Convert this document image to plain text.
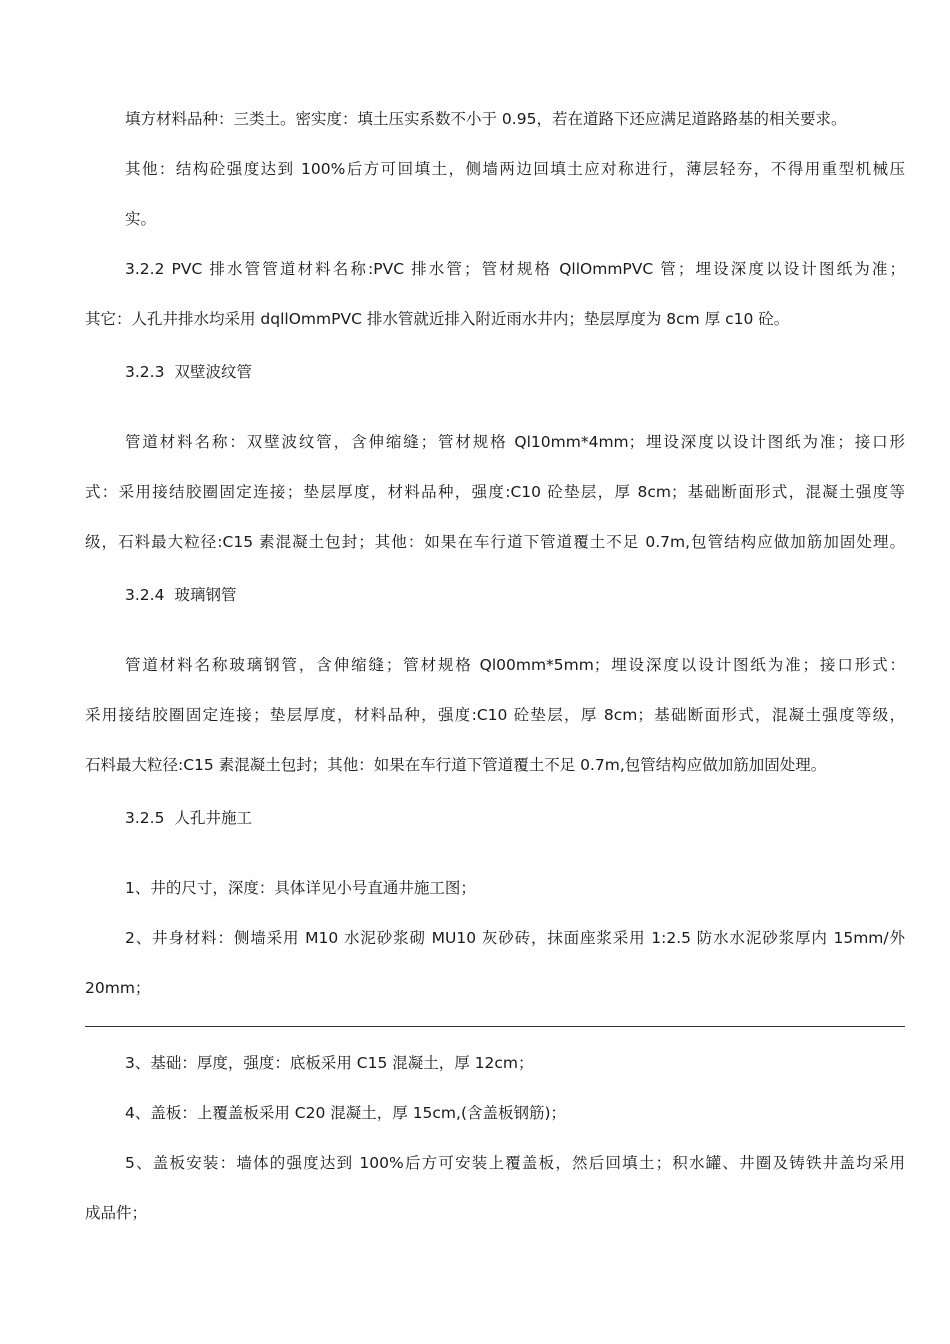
填方材料品种：三类土。密实度：填土压实系数不小于 0.95，若在道路下还应满足道路路基的相关要求。
其他：结构砼强度达到 100%后方可回填土，侧墙两边回填土应对称进行，薄层轻夯，不得用重型机械压
实。
3.2.2 PVC 排水管管道材料名称:PVC 排水管；管材规格 QllOmmPVC 管；埋设深度以设计图纸为准；
其它：人孔井排水均采用 dqllOmmPVC 排水管就近排入附近雨水井内；垫层厚度为 8cm 厚 c10 砼。
3.2.3 双壁波纹管
管道材料名称：双壁波纹管，含伸缩缝；管材规格 Ql10mm*4mm；埋设深度以设计图纸为准；接口形
式：采用接结胶圈固定连接；垫层厚度，材料品种，强度:C10 砼垫层，厚 8cm；基础断面形式，混凝土强度等
级，石料最大粒径:C15 素混凝土包封；其他：如果在车行道下管道覆土不足 0.7m,包管结构应做加筋加固处理。
3.2.4 玻璃钢管
管道材料名称玻璃钢管，含伸缩缝；管材规格 Ql00mm*5mm；埋设深度以设计图纸为准；接口形式：
采用接结胶圈固定连接；垫层厚度，材料品种，强度:C10 砼垫层，厚 8cm；基础断面形式，混凝土强度等级，
石料最大粒径:C15 素混凝土包封；其他：如果在车行道下管道覆土不足 0.7m,包管结构应做加筋加固处理。
3.2.5 人孔井施工
1、井的尺寸，深度：具体详见小号直通井施工图；
2、井身材料：侧墙采用 M10 水泥砂浆砌 MU10 灰砂砖，抹面座浆采用 1:2.5 防水水泥砂浆厚内 15mm/外
20mm；
3、基础：厚度，强度：底板采用 C15 混凝土，厚 12cm；
4、盖板：上覆盖板采用 C20 混凝土，厚 15cm,(含盖板钢筋)；
5、盖板安装：墙体的强度达到 100%后方可安装上覆盖板，然后回填土；积水罐、井圈及铸铁井盖均采用
成品件；
